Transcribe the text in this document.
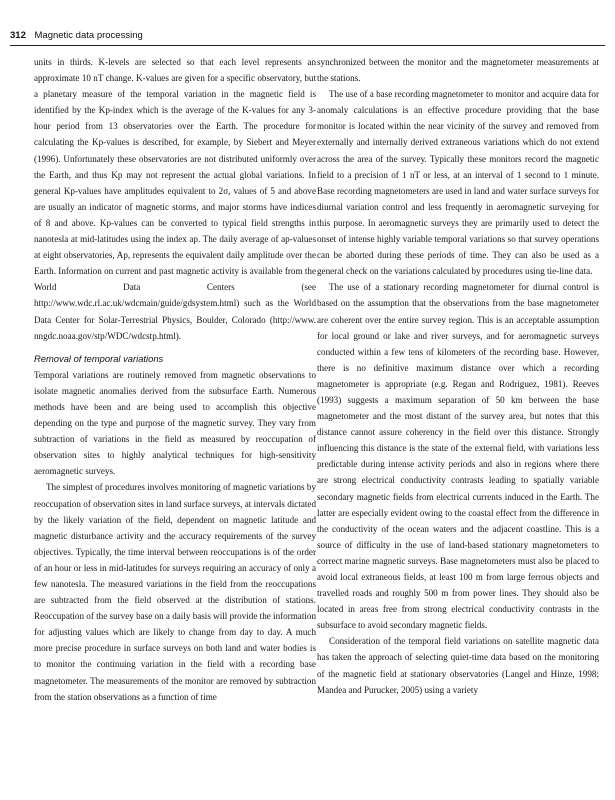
312 Magnetic data processing

units in thirds. K-levels are selected so that each level represents an approximate 10 nT change. K-values are given for a specific observatory, but a planetary measure of the temporal variation in the magnetic field is identified by the Kp-index which is the average of the K-values for any 3-hour period from 13 observatories over the Earth. The procedure for calculating the Kp-values is described, for example, by Siebert and Meyer (1996). Unfortunately these observatories are not distributed uniformly over the Earth, and thus Kp may not represent the actual global variations. In general Kp-values have amplitudes equivalent to 2σ, values of 5 and above are usually an indicator of magnetic storms, and major storms have indices of 8 and above. Kp-values can be converted to typical field strengths in nanotesla at mid-latitudes using the index ap. The daily average of ap-values at eight observatories, Ap, represents the equivalent daily amplitude over the Earth. Information on current and past magnetic activity is available from the World Data Centers (see http://www.wdc.rl.ac.uk/wdcmain/guide/gdsystem.html) such as the World Data Center for Solar-Terrestrial Physics, Boulder, Colorado (http://www. nngdc.noaa.gov/stp/WDC/wdcstp.html).

Removal of temporal variations

Temporal variations are routinely removed from magnetic observations to isolate magnetic anomalies derived from the subsurface Earth. Numerous methods have been and are being used to accomplish this objective depending on the type and purpose of the magnetic survey. They vary from subtraction of variations in the field as measured by reoccupation of observation sites to highly analytical techniques for high-sensitivity aeromagnetic surveys.

The simplest of procedures involves monitoring of magnetic variations by reoccupation of observation sites in land surface surveys, at intervals dictated by the likely variation of the field, dependent on magnetic latitude and magnetic disturbance activity and the accuracy requirements of the survey objectives. Typically, the time interval between reoccupations is of the order of an hour or less in mid-latitudes for surveys requiring an accuracy of only a few nanotesla. The measured variations in the field from the reoccupations are subtracted from the field observed at the distribution of stations. Reoccupation of the survey base on a daily basis will provide the information for adjusting values which are likely to change from day to day. A much more precise procedure in surface surveys on both land and water bodies is to monitor the continuing variation in the field with a recording base magnetometer. The measurements of the monitor are removed by subtraction from the station observations as a function of time

synchronized between the monitor and the magnetometer measurements at the stations.

The use of a base recording magnetometer to monitor and acquire data for anomaly calculations is an effective procedure providing that the base monitor is located within the near vicinity of the survey and removed from externally and internally derived extraneous variations which do not extend across the area of the survey. Typically these monitors record the magnetic field to a precision of 1 nT or less, at an interval of 1 second to 1 minute. Base recording magnetometers are used in land and water surface surveys for diurnal variation control and less frequently in aeromagnetic surveying for this purpose. In aeromagnetic surveys they are primarily used to detect the onset of intense highly variable temporal variations so that survey operations can be aborted during these periods of time. They can also be used as a general check on the variations calculated by procedures using tie-line data.

The use of a stationary recording magnetometer for diurnal control is based on the assumption that the observations from the base magnetometer are coherent over the entire survey region. This is an acceptable assumption for local ground or lake and river surveys, and for aeromagnetic surveys conducted within a few tens of kilometers of the recording base. However, there is no definitive maximum distance over which a recording magnetometer is appropriate (e.g. Regan and Rodriguez, 1981). Reeves (1993) suggests a maximum separation of 50 km between the base magnetometer and the most distant of the survey area, but notes that this distance cannot assure coherency in the field over this distance. Strongly influencing this distance is the state of the external field, with variations less predictable during intense activity periods and also in regions where there are strong electrical conductivity contrasts leading to spatially variable secondary magnetic fields from electrical currents induced in the Earth. The latter are especially evident owing to the coastal effect from the difference in the conductivity of the ocean waters and the adjacent coastline. This is a source of difficulty in the use of land-based stationary magnetometers to correct marine magnetic surveys. Base magnetometers must also be placed to avoid local extraneous fields, at least 100 m from large ferrous objects and travelled roads and roughly 500 m from power lines. They should also be located in areas free from strong electrical conductivity contrasts in the subsurface to avoid secondary magnetic fields.

Consideration of the temporal field variations on satellite magnetic data has taken the approach of selecting quiet-time data based on the monitoring of the magnetic field at stationary observatories (Langel and Hinze, 1998; Mandea and Purucker, 2005) using a variety
